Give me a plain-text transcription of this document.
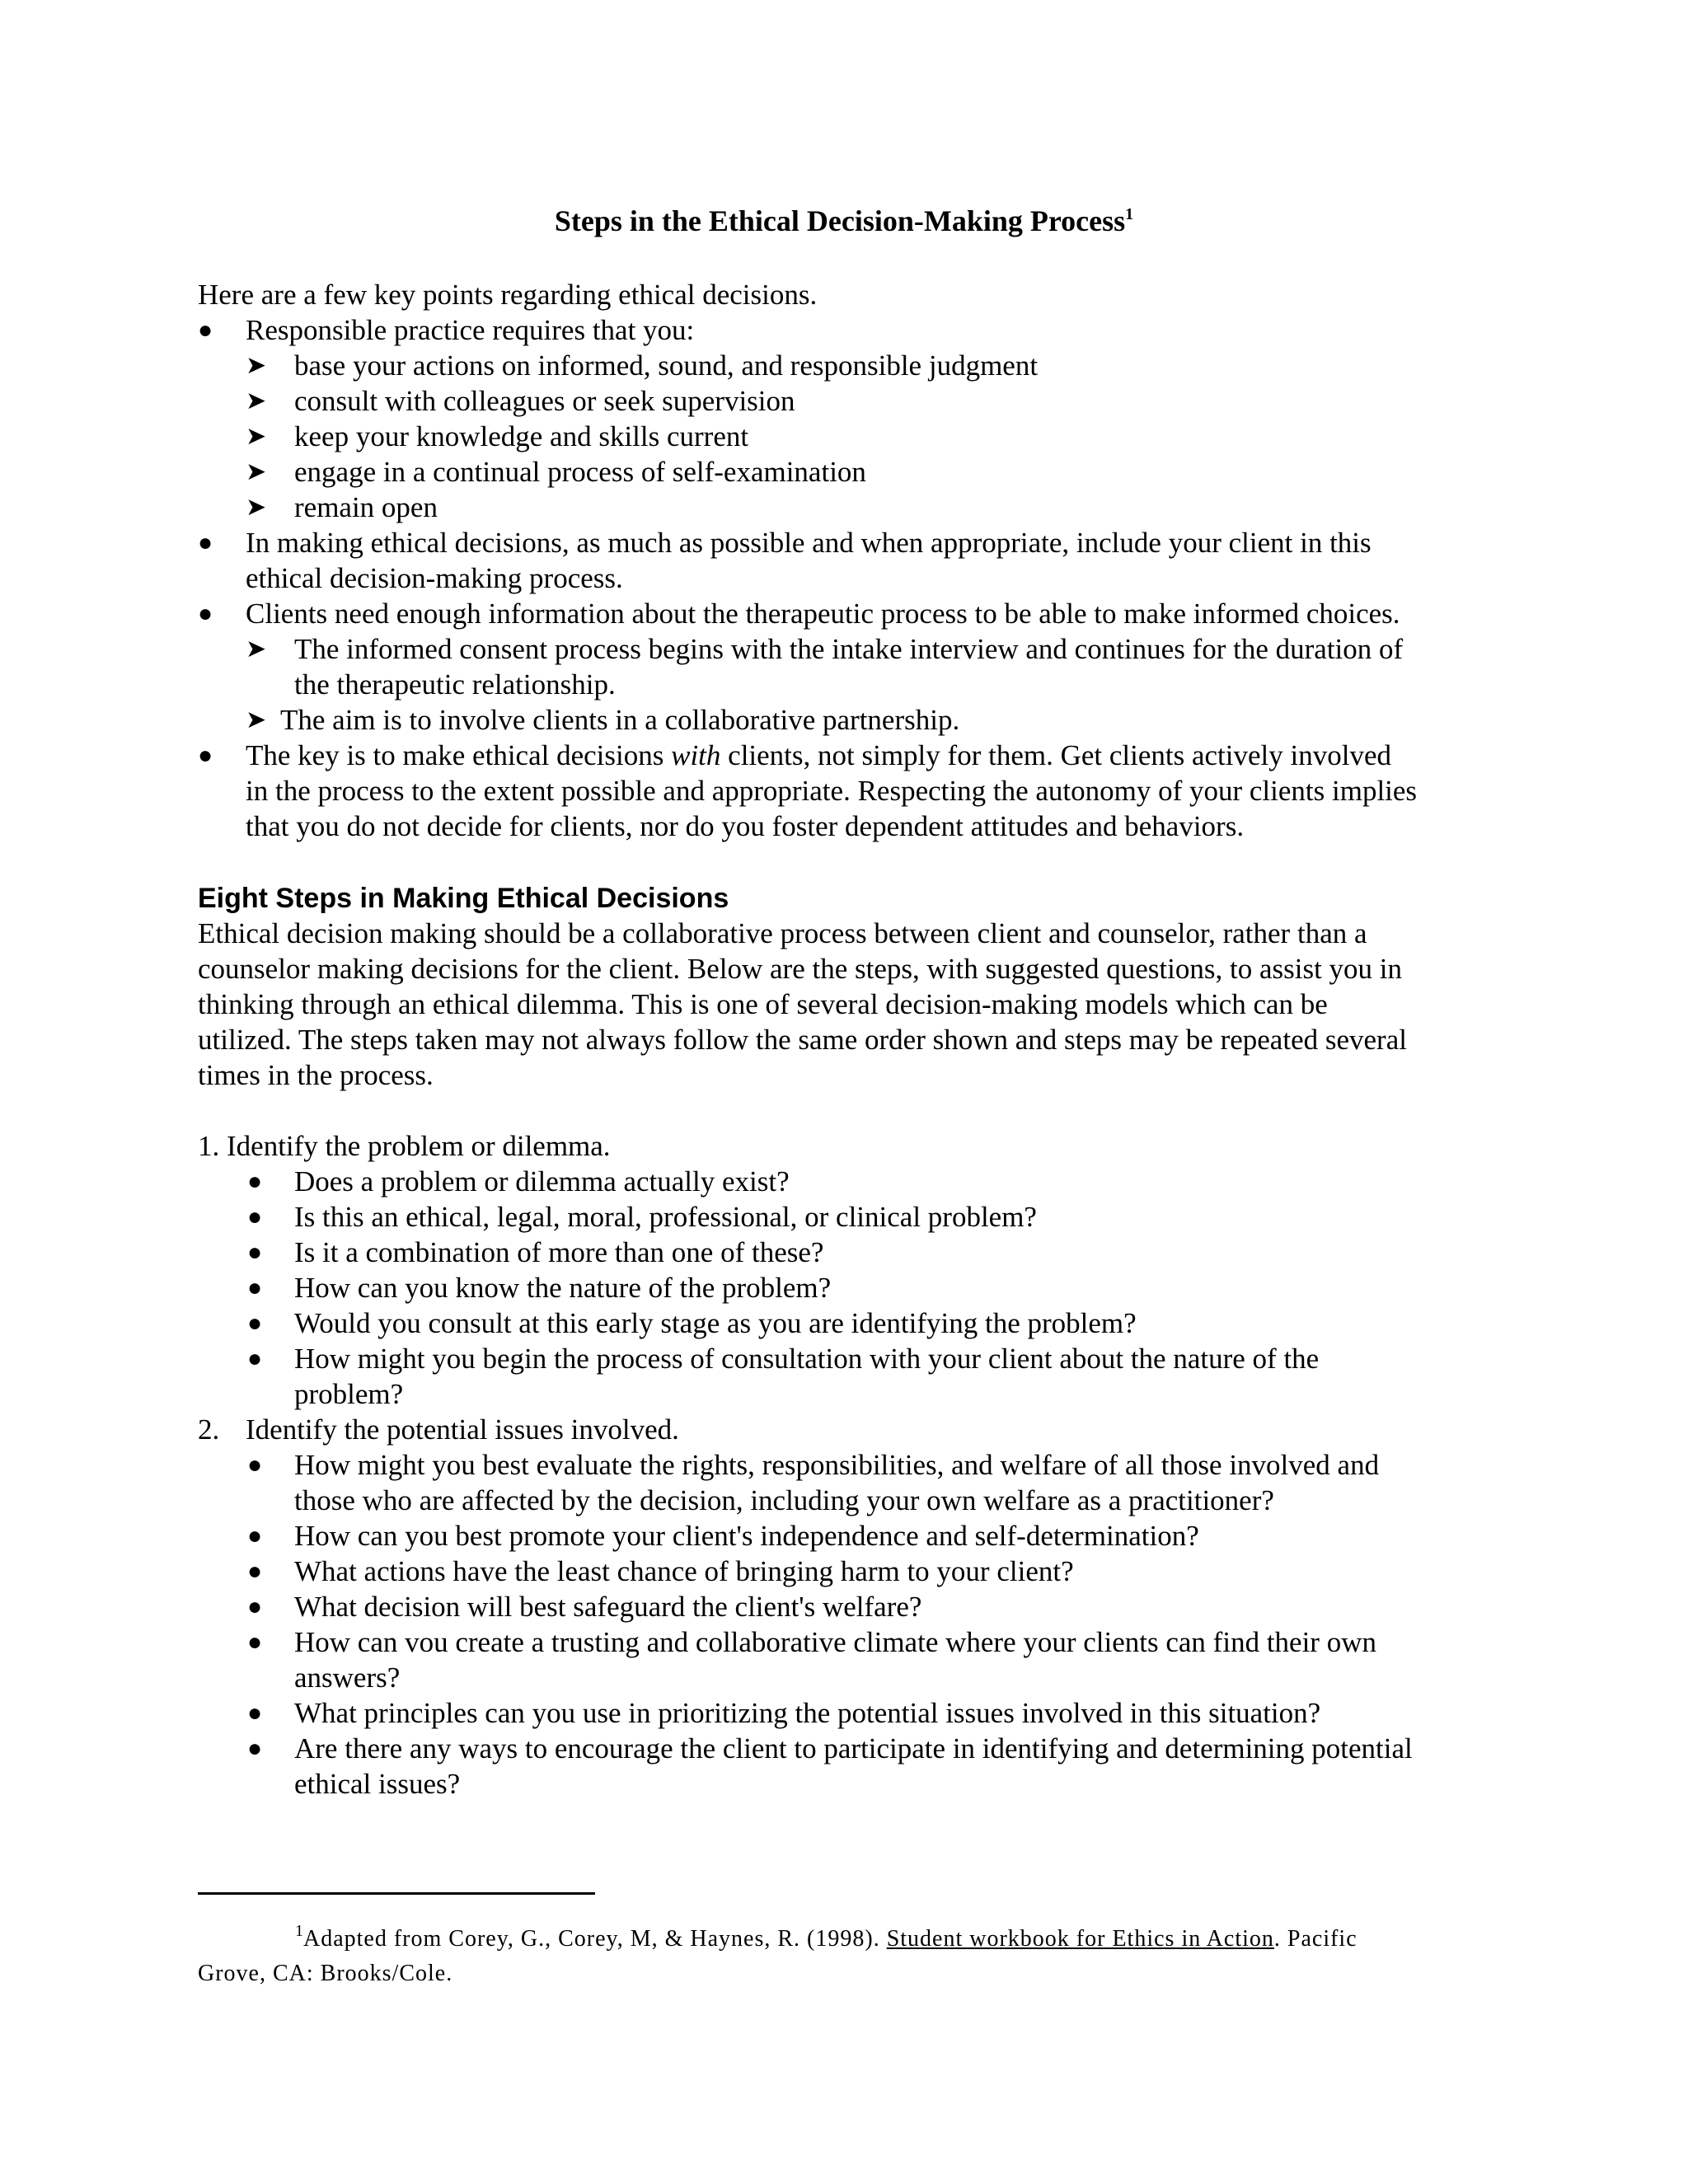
Steps in the Ethical Decision-Making Process$^1$
Here are a few key points regarding ethical decisions.
● Responsible practice requires that you:
➤ base your actions on informed, sound, and responsible judgment
➤ consult with colleagues or seek supervision
➤ keep your knowledge and skills current
➤ engage in a continual process of self-examination
➤ remain open
● In making ethical decisions, as much as possible and when appropriate, include your client in this
ethical decision-making process.
● Clients need enough information about the therapeutic process to be able to make informed choices.
➤ The informed consent process begins with the intake interview and continues for the duration of
the therapeutic relationship.
➤ The aim is to involve clients in a collaborative partnership.
● The key is to make ethical decisions with clients, not simply for them. Get clients actively involved
in the process to the extent possible and appropriate. Respecting the autonomy of your clients implies
that you do not decide for clients, nor do you foster dependent attitudes and behaviors.
Eight Steps in Making Ethical Decisions
Ethical decision making should be a collaborative process between client and counselor, rather than a
counselor making decisions for the client. Below are the steps, with suggested questions, to assist you in
thinking through an ethical dilemma. This is one of several decision-making models which can be
utilized. The steps taken may not always follow the same order shown and steps may be repeated several
times in the process.
1. Identify the problem or dilemma.
● Does a problem or dilemma actually exist?
● Is this an ethical, legal, moral, professional, or clinical problem?
● Is it a combination of more than one of these?
● How can you know the nature of the problem?
● Would you consult at this early stage as you are identifying the problem?
● How might you begin the process of consultation with your client about the nature of the
problem?
2. Identify the potential issues involved.
● How might you best evaluate the rights, responsibilities, and welfare of all those involved and
those who are affected by the decision, including your own welfare as a practitioner?
● How can you best promote your client's independence and self-determination?
● What actions have the least chance of bringing harm to your client?
● What decision will best safeguard the client's welfare?
● How can vou create a trusting and collaborative climate where your clients can find their own
answers?
● What principles can you use in prioritizing the potential issues involved in this situation?
● Are there any ways to encourage the client to participate in identifying and determining potential
ethical issues?
$^1$Adapted from Corey, G., Corey, M, & Haynes, R. (1998). Student workbook for Ethics in Action. Pacific
Grove, CA: Brooks/Cole.
